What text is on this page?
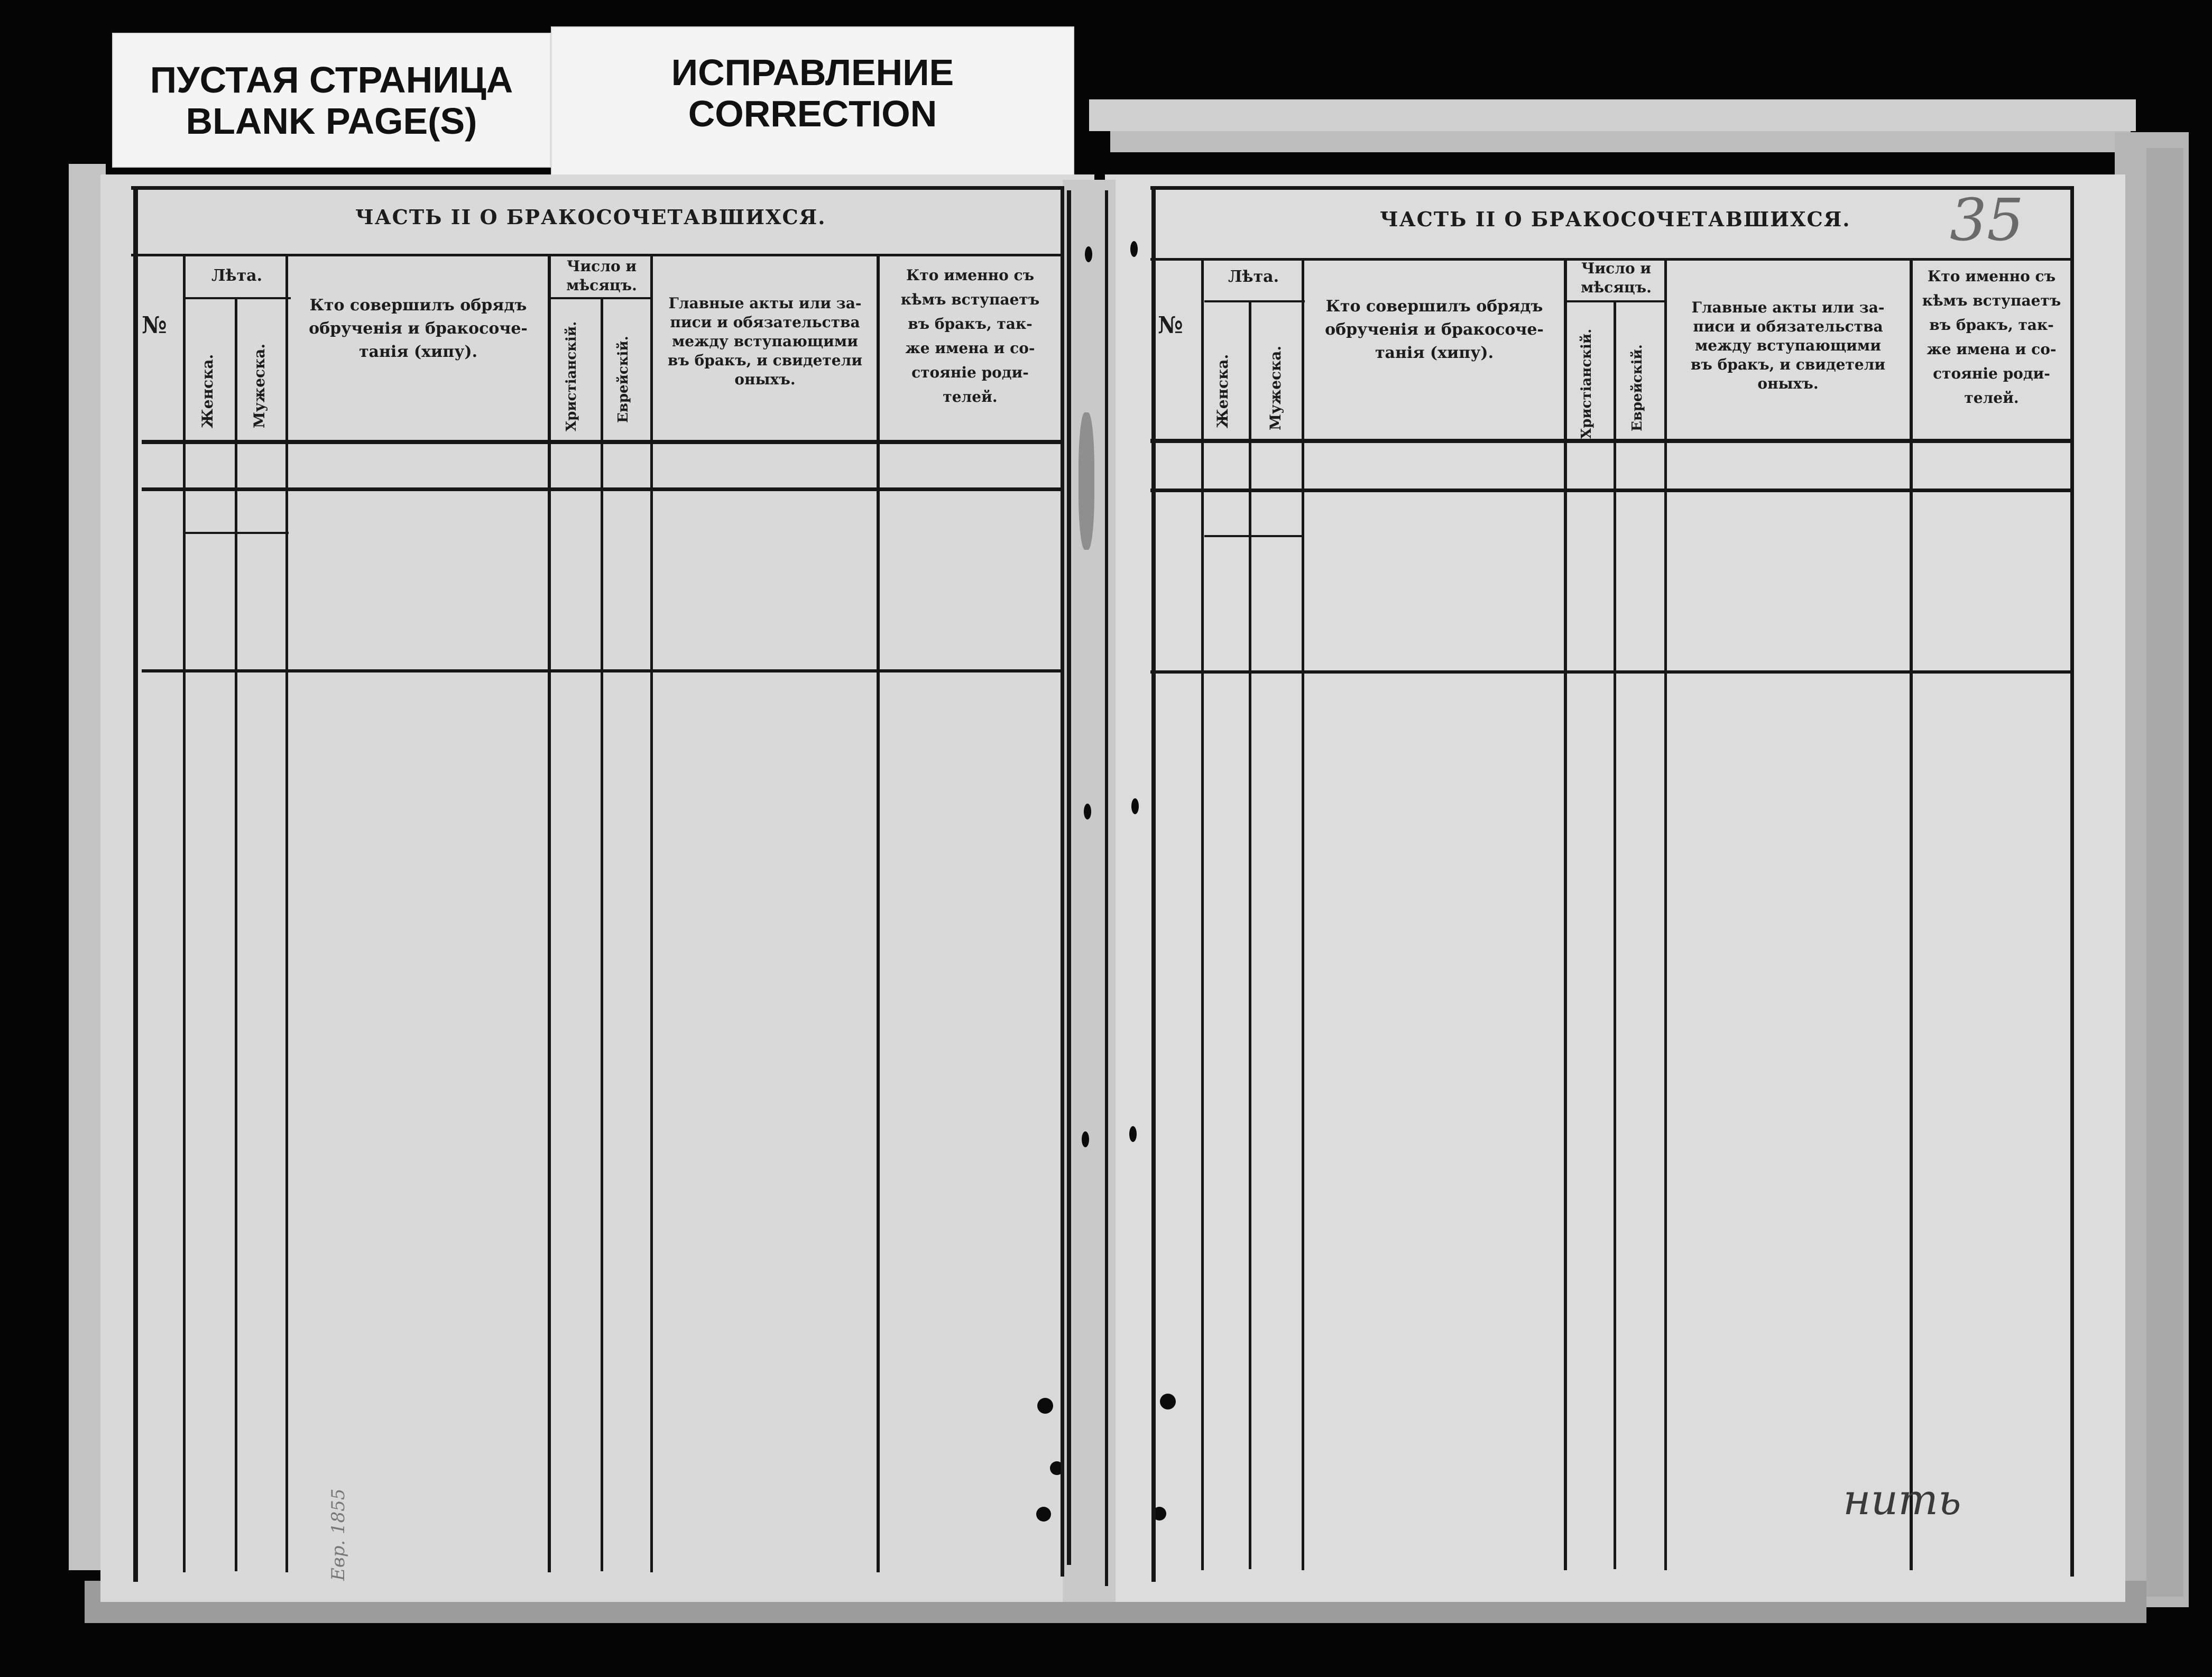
ПУСТАЯ СТРАНИЦА
BLANK PAGE(S)
ИСПРАВЛЕНИЕ
CORRECTION
ЧАСТЬ II О БРАКОСОЧЕТАВШИХСЯ.
№
Лѣта.
Женска. Мужеска.
Кто совершилъ обрядъ
обрученія и бракосоче-
танія (хипу).
Число и
мѣсяцъ.
Христіанскій.	Еврейскій.
Главные акты или за-
писи и обязательства
между вступающими
въ бракъ, и свидетели
оныхъ.
Кто именно съ
кѣмъ вступаетъ
въ бракъ, так-
же имена и со-
стояніе роди-
телей.
Евр. 1855
ЧАСТЬ II О БРАКОСОЧЕТАВШИХСЯ. 35
№
Лѣта.
Женска. Мужеска.
Кто совершилъ обрядъ
обрученія и бракосоче-
танія (хипу).
Число и
мѣсяцъ.
Христіанскій.	Еврейскій.
Главные акты или за-
писи и обязательства
между вступающими
въ бракъ, и свидетели
оныхъ.
Кто именно съ
кѣмъ вступаетъ
въ бракъ, так-
же имена и со-
стояніе роди-
телей.
нить
